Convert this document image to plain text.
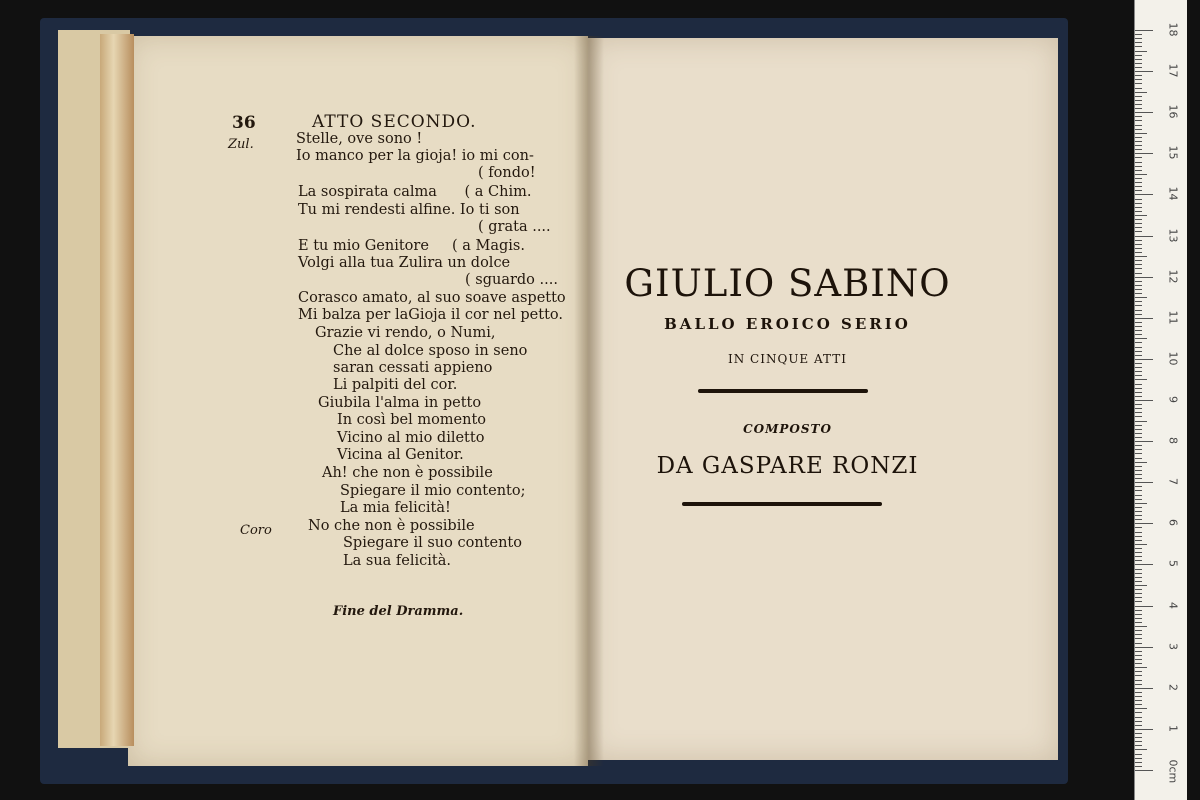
36	ATTO SECONDO.
Zul.	Stelle, ove sono !
Io manco per la gioja! io mi con-
( fondo!
La sospirata calma      ( a Chim.
Tu mi rendesti alfine. Io ti son
( grata ....
E tu mio Genitore     ( a Magis.
Volgi alla tua Zulira un dolce
( sguardo ....
Corasco amato, al suo soave aspetto
Mi balza per laGioja il cor nel petto.
Grazie vi rendo, o Numi,
Che al dolce sposo in seno
saran cessati appieno
Li palpiti del cor.
Giubila l'alma in petto
In così bel momento
Vicino al mio diletto
Vicina al Genitor.
Ah! che non è possibile
Spiegare il mio contento;
La mia felicità!
Coro No che non è possibile
Spiegare il suo contento
La sua felicità.
Fine del Dramma.
GIULIO SABINO
BALLO EROICO SERIO
IN CINQUE ATTI
COMPOSTO
DA GASPARE RONZI
18
17
16
15
14
13
12
11
10
9
8
7
6
5
4
3
2
1
0cm
